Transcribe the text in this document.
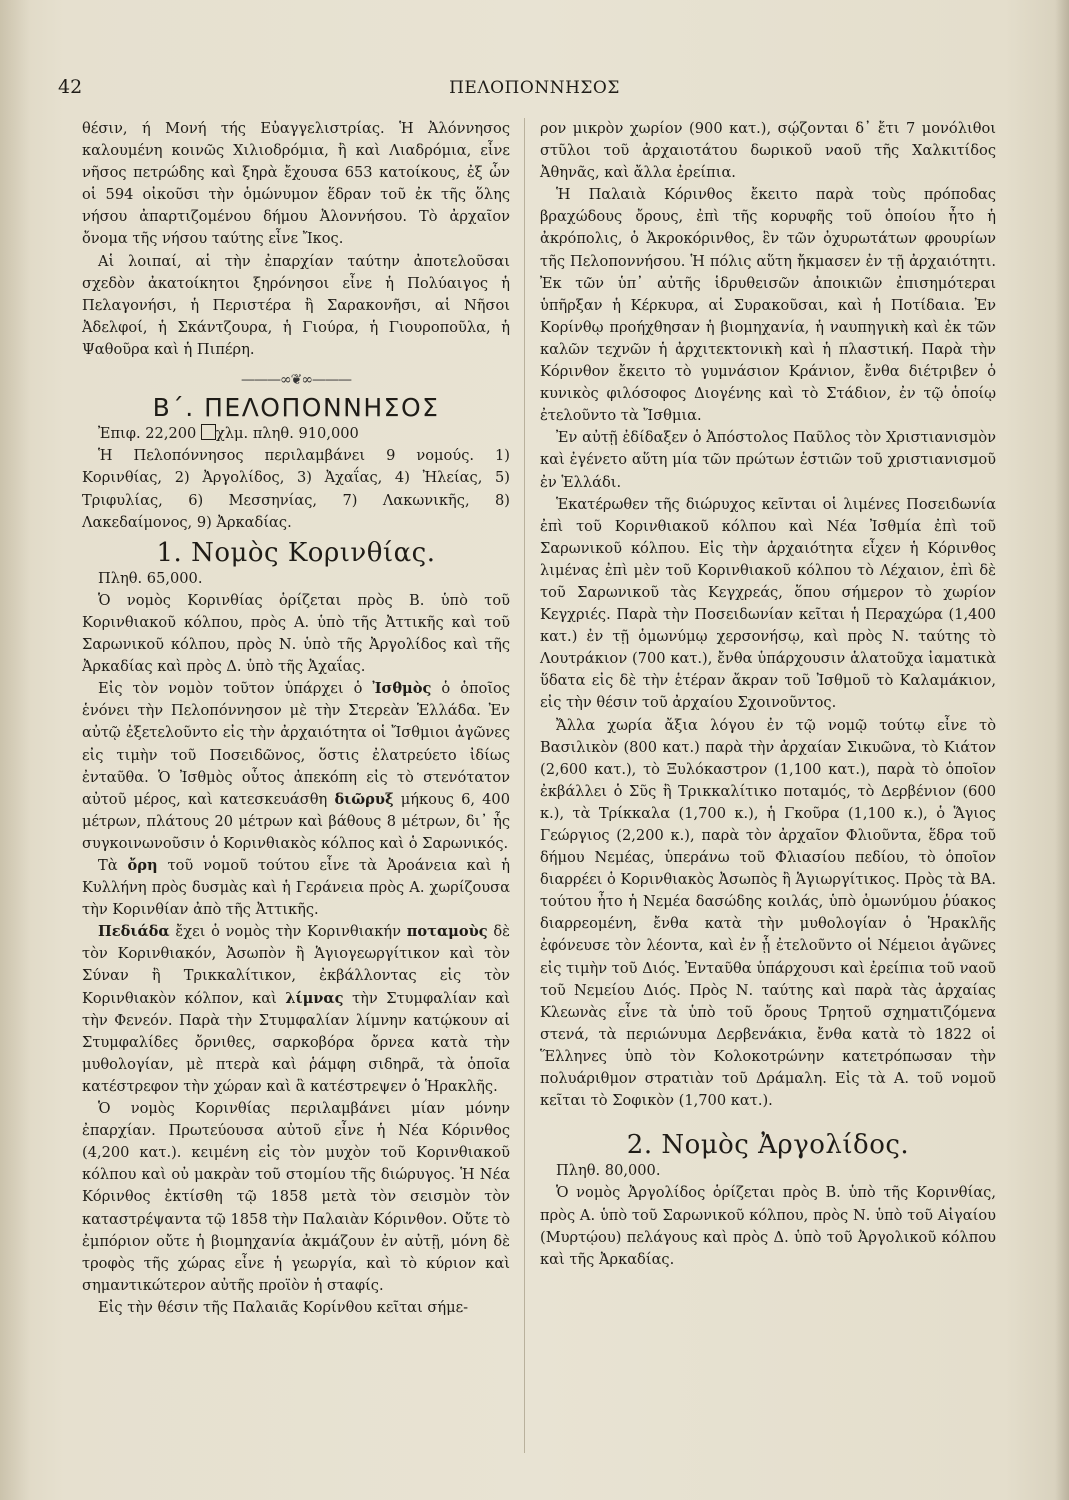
42	ΠΕΛΟΠΟΝΝΗΣΟΣ

θέσιν, ή Μονή τής Εὐαγγελιστρίας. Ἡ Ἀλόννησος καλουμένη κοινῶς Χιλιοδρόμια, ἢ καὶ Λιαδρόμια, εἶνε νῆσος πετρώδης καὶ ξηρὰ ἔχουσα 653 κατοίκους, ἐξ ὧν οἱ 594 οἰκοῦσι τὴν ὁμώνυμον ἕδραν τοῦ ἐκ τῆς ὅλης νήσου ἀπαρτιζομένου δήμου Ἀλοννήσου. Τὸ ἀρχαῖον ὄνομα τῆς νήσου ταύτης εἶνε Ἴκος.

Αἱ λοιπαί, αἱ τὴν ἐπαρχίαν ταύτην ἀποτελοῦσαι σχεδὸν ἀκατοίκητοι ξηρόνησοι εἶνε ἡ Πολύαιγος ἡ Πελαγονήσι, ἡ Περιστέρα ἢ Σαρακονῆσι, αἱ Νῆσοι Ἀδελφοί, ἡ Σκάντζουρα, ἡ Γιούρα, ἡ Γιουροποῦλα, ἡ Ψαθοῦρα καὶ ἡ Πιπέρη.

———∞❦∞———
Β΄. ΠΕΛΟΠΟΝΝΗΣΟΣ

Ἐπιφ. 22,200 χλμ. πληθ. 910,000

Ἡ Πελοπόννησος περιλαμβάνει 9 νομούς. 1) Κορινθίας, 2) Ἀργολίδος, 3) Ἀχαΐας, 4) Ἠλείας, 5) Τριφυλίας, 6) Μεσσηνίας, 7) Λακωνικῆς, 8) Λακεδαίμονος, 9) Ἀρκαδίας.

1. Νομὸς Κορινθίας.

Πληθ. 65,000.

Ὁ νομὸς Κορινθίας ὁρίζεται πρὸς Β. ὑπὸ τοῦ Κορινθιακοῦ κόλπου, πρὸς Α. ὑπὸ τῆς Ἀττικῆς καὶ τοῦ Σαρωνικοῦ κόλπου, πρὸς Ν. ὑπὸ τῆς Ἀργολίδος καὶ τῆς Ἀρκαδίας καὶ πρὸς Δ. ὑπὸ τῆς Ἀχαΐας.

Εἰς τὸν νομὸν τοῦτον ὑπάρχει ὁ Ἰσθμὸς ὁ ὁποῖος ἑνόνει τὴν Πελοπόννησον μὲ τὴν Στερεὰν Ἑλλάδα. Ἐν αὐτῷ ἐξετελοῦντο εἰς τὴν ἀρχαιότητα οἱ Ἴσθμιοι ἀγῶνες εἰς τιμὴν τοῦ Ποσειδῶνος, ὅστις ἐλατρεύετο ἰδίως ἐνταῦθα. Ὁ Ἰσθμὸς οὗτος ἀπεκόπη εἰς τὸ στενότατον αὐτοῦ μέρος, καὶ κατεσκευάσθη διῶρυξ μήκους 6, 400 μέτρων, πλάτους 20 μέτρων καὶ βάθους 8 μέτρων, δι᾽ ἧς συγκοινωνοῦσιν ὁ Κορινθιακὸς κόλπος καὶ ὁ Σαρωνικός.

Τὰ ὄρη τοῦ νομοῦ τούτου εἶνε τὰ Ἀροάνεια καὶ ἡ Κυλλήνη πρὸς δυσμὰς καὶ ἡ Γεράνεια πρὸς Α. χωρίζουσα τὴν Κορινθίαν ἀπὸ τῆς Ἀττικῆς.

Πεδιάδα ἔχει ὁ νομὸς τὴν Κορινθιακήν ποταμοὺς δὲ τὸν Κορινθιακόν, Ἀσωπὸν ἢ Ἁγιογεωργίτικον καὶ τὸν Σύναν ἢ Τρικκαλίτικον, ἐκβάλλοντας εἰς τὸν Κορινθιακὸν κόλπον, καὶ λίμνας τὴν Στυμφαλίαν καὶ τὴν Φενεόν. Παρὰ τὴν Στυμφαλίαν λίμνην κατῴκουν αἱ Στυμφαλίδες ὄρνιθες, σαρκοβόρα ὄρνεα κατὰ τὴν μυθολογίαν, μὲ πτερὰ καὶ ῥάμφη σιδηρᾶ, τὰ ὁποῖα κατέστρεφον τὴν χώραν καὶ ἃ κατέστρεψεν ὁ Ἡρακλῆς.

Ὁ νομὸς Κορινθίας περιλαμβάνει μίαν μόνην ἐπαρχίαν. Πρωτεύουσα αὐτοῦ εἶνε ἡ Νέα Κόρινθος (4,200 κατ.). κειμένη εἰς τὸν μυχὸν τοῦ Κορινθιακοῦ κόλπου καὶ οὐ μακρὰν τοῦ στομίου τῆς διώρυγος. Ἡ Νέα Κόρινθος ἐκτίσθη τῷ 1858 μετὰ τὸν σεισμὸν τὸν καταστρέψαντα τῷ 1858 τὴν Παλαιὰν Κόρινθον. Οὔτε τὸ ἐμπόριον οὔτε ἡ βιομηχανία ἀκμάζουν ἐν αὐτῇ, μόνη δὲ τροφὸς τῆς χώρας εἶνε ἡ γεωργία, καὶ τὸ κύριον καὶ σημαντικώτερον αὐτῆς προϊὸν ἡ σταφίς.

Εἰς τὴν θέσιν τῆς Παλαιᾶς Κορίνθου κεῖται σήμε-

ρον μικρὸν χωρίον (900 κατ.), σῴζονται δ᾽ ἔτι 7 μονόλιθοι στῦλοι τοῦ ἀρχαιοτάτου δωρικοῦ ναοῦ τῆς Χαλκιτίδος Ἀθηνᾶς, καὶ ἄλλα ἐρείπια.

Ἡ Παλαιὰ Κόρινθος ἔκειτο παρὰ τοὺς πρόποδας βραχώδους ὄρους, ἐπὶ τῆς κορυφῆς τοῦ ὁποίου ἦτο ἡ ἀκρόπολις, ὁ Ἀκροκόρινθος, ἓν τῶν ὀχυρωτάτων φρουρίων τῆς Πελοποννήσου. Ἡ πόλις αὕτη ἤκμασεν ἐν τῇ ἀρχαιότητι. Ἐκ τῶν ὑπ᾽ αὐτῆς ἱδρυθεισῶν ἀποικιῶν ἐπισημότεραι ὑπῆρξαν ἡ Κέρκυρα, αἱ Συρακοῦσαι, καὶ ἡ Ποτίδαια. Ἐν Κορίνθῳ προήχθησαν ἡ βιομηχανία, ἡ ναυπηγικὴ καὶ ἐκ τῶν καλῶν τεχνῶν ἡ ἀρχιτεκτονικὴ καὶ ἡ πλαστική. Παρὰ τὴν Κόρινθον ἔκειτο τὸ γυμνάσιον Κράνιον, ἔνθα διέτριβεν ὁ κυνικὸς φιλόσοφος Διογένης καὶ τὸ Στάδιον, ἐν τῷ ὁποίῳ ἐτελοῦντο τὰ Ἴσθμια.

Ἐν αὐτῇ ἐδίδαξεν ὁ Ἀπόστολος Παῦλος τὸν Χριστιανισμὸν καὶ ἐγένετο αὕτη μία τῶν πρώτων ἑστιῶν τοῦ χριστιανισμοῦ ἐν Ἑλλάδι.

Ἑκατέρωθεν τῆς διώρυχος κεῖνται οἱ λιμένες Ποσειδωνία ἐπὶ τοῦ Κορινθιακοῦ κόλπου καὶ Νέα Ἰσθμία ἐπὶ τοῦ Σαρωνικοῦ κόλπου. Εἰς τὴν ἀρχαιότητα εἶχεν ἡ Κόρινθος λιμένας ἐπὶ μὲν τοῦ Κορινθιακοῦ κόλπου τὸ Λέχαιον, ἐπὶ δὲ τοῦ Σαρωνικοῦ τὰς Κεγχρεάς, ὅπου σήμερον τὸ χωρίον Κεγχριές. Παρὰ τὴν Ποσειδωνίαν κεῖται ἡ Περαχώρα (1,400 κατ.) ἐν τῇ ὁμωνύμῳ χερσονήσῳ, καὶ πρὸς Ν. ταύτης τὸ Λουτράκιον (700 κατ.), ἔνθα ὑπάρχουσιν ἁλατοῦχα ἰαματικὰ ὕδατα εἰς δὲ τὴν ἑτέραν ἄκραν τοῦ Ἰσθμοῦ τὸ Καλαμάκιον, εἰς τὴν θέσιν τοῦ ἀρχαίου Σχοινοῦντος.

Ἄλλα χωρία ἄξια λόγου ἐν τῷ νομῷ τούτῳ εἶνε τὸ Βασιλικὸν (800 κατ.) παρὰ τὴν ἀρχαίαν Σικυῶνα, τὸ Κιάτον (2,600 κατ.), τὸ Ξυλόκαστρον (1,100 κατ.), παρὰ τὸ ὁποῖον ἐκβάλλει ὁ Σῦς ἢ Τρικκαλίτικο ποταμός, τὸ Δερβένιον (600 κ.), τὰ Τρίκκαλα (1,700 κ.), ἡ Γκοῦρα (1,100 κ.), ὁ Ἅγιος Γεώργιος (2,200 κ.), παρὰ τὸν ἀρχαῖον Φλιοῦντα, ἕδρα τοῦ δήμου Νεμέας, ὑπεράνω τοῦ Φλιασίου πεδίου, τὸ ὁποῖον διαρρέει ὁ Κορινθιακὸς Ἀσωπὸς ἢ Ἁγιωργίτικος. Πρὸς τὰ ΒΑ. τούτου ἦτο ἡ Νεμέα δασώδης κοιλάς, ὑπὸ ὁμωνύμου ῥύακος διαρρεομένη, ἔνθα κατὰ τὴν μυθολογίαν ὁ Ἡρακλῆς ἐφόνευσε τὸν λέοντα, καὶ ἐν ᾗ ἐτελοῦντο οἱ Νέμειοι ἀγῶνες εἰς τιμὴν τοῦ Διός. Ἐνταῦθα ὑπάρχουσι καὶ ἐρείπια τοῦ ναοῦ τοῦ Νεμείου Διός. Πρὸς Ν. ταύτης καὶ παρὰ τὰς ἀρχαίας Κλεωνὰς εἶνε τὰ ὑπὸ τοῦ ὄρους Τρητοῦ σχηματιζόμενα στενά, τὰ περιώνυμα Δερβενάκια, ἔνθα κατὰ τὸ 1822 οἱ Ἕλληνες ὑπὸ τὸν Κολοκοτρώνην κατετρόπωσαν τὴν πολυάριθμον στρατιὰν τοῦ Δράμαλη. Εἰς τὰ Α. τοῦ νομοῦ κεῖται τὸ Σοφικὸν (1,700 κατ.).

2. Νομὸς Ἀργολίδος.

Πληθ. 80,000.

Ὁ νομὸς Ἀργολίδος ὁρίζεται πρὸς Β. ὑπὸ τῆς Κορινθίας, πρὸς Α. ὑπὸ τοῦ Σαρωνικοῦ κόλπου, πρὸς Ν. ὑπὸ τοῦ Αἰγαίου (Μυρτῴου) πελάγους καὶ πρὸς Δ. ὑπὸ τοῦ Ἀργολικοῦ κόλπου καὶ τῆς Ἀρκαδίας.
